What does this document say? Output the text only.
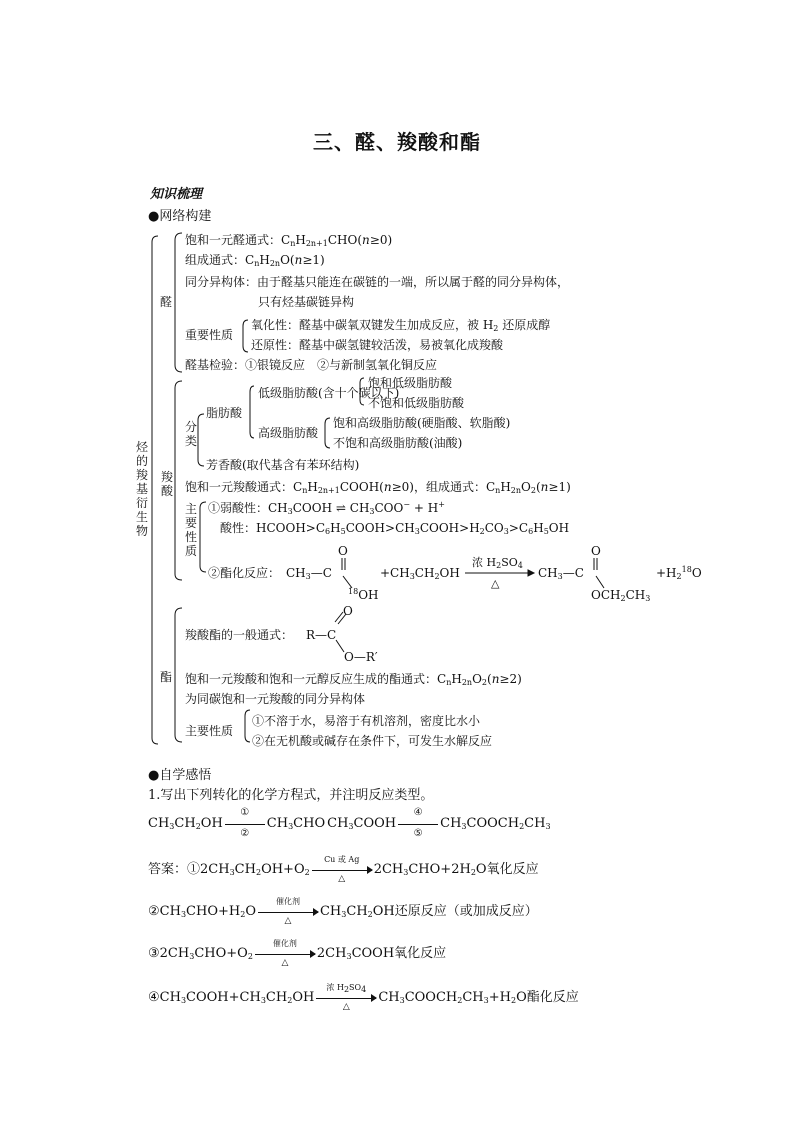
三、醛、羧酸和酯
知识梳理
●网络构建
烃的羧基衍生物
醛
饱和一元醛通式：$C_nH_{2n+1}CHO(n\ge 0)$
组成通式：$C_nH_{2n}O(n\ge 1)$
同分异构体：由于醛基只能连在碳链的一端，所以属于醛的同分异构体，
只有烃基碳链异构
重要性质
氧化性：醛基中碳氧双键发生加成反应，被 $H_2$ 还原成醇
还原性：醛基中碳氢键较活泼，易被氧化成羧酸
醛基检验：①银镜反应　②与新制氢氧化铜反应
羧酸
分类
脂肪酸
低级脂肪酸(含十个碳以下)
饱和低级脂肪酸
不饱和低级脂肪酸
高级脂肪酸
饱和高级脂肪酸(硬脂酸、软脂酸)
不饱和高级脂肪酸(油酸)
芳香酸(取代基含有苯环结构)
饱和一元羧酸通式：$C_nH_{2n+1}COOH(n\ge 0)$，组成通式：$C_nH_{2n}O_2(n\ge 1)$
主要性质
①弱酸性：$CH_3COOH$ ⇌ $CH_3COO^- + H^+$
酸性：$HCOOH>C_6H_5COOH>CH_3COOH>H_2CO_3>C_6H_5OH$
②酯化反应：
O
$CH_3—C$
$^{18}$OH
$+CH_3CH_2OH$
浓 $H_2SO_4$
△
O
$CH_3—C$
$OCH_2CH_3$
$+H_2^{18}O$
酯
羧酸酯的一般通式：
O
R—C
O—R′
饱和一元羧酸和饱和一元醇反应生成的酯通式：$C_nH_{2n}O_2(n\ge 2)$
为同碳饱和一元羧酸的同分异构体
主要性质
①不溶于水，易溶于有机溶剂，密度比水小
②在无机酸或碱存在条件下，可发生水解反应
●自学感悟
1.写出下列转化的化学方程式，并注明反应类型。
$CH_3CH_2OH$
①
②
$CH_3CHO$ $CH_3COOH$
④
⑤
$CH_3COOCH_2CH_3$
答案：$①2CH_3CH_2OH+O_2$
Cu 或 Ag
△
$2CH_3CHO+2H_2O$氧化反应
$②CH_3CHO+H_2O$
催化剂
△
$CH_3CH_2OH$还原反应（或加成反应）
$③2CH_3CHO+O_2$
催化剂
△
$2CH_3COOH$氧化反应
$④CH_3COOH+CH_3CH_2OH$
浓 $H_2SO_4$
△
$CH_3COOCH_2CH_3+H_2O$酯化反应
